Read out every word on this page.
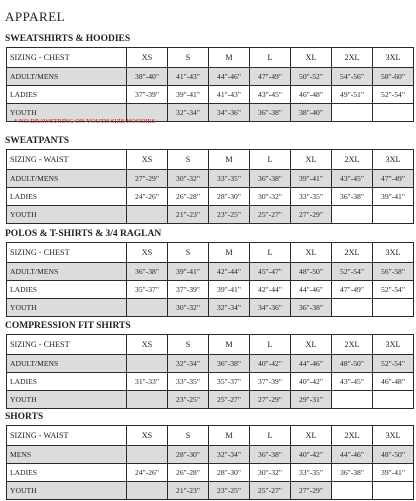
APPAREL
SWEATSHIRTS & HOODIES
SIZING - CHEST	XS	S	M	L	XL	2XL	3XL
ADULT/MENS	38"-40"	41"-43"	44"-46"	47"-49"	50"-52"	54"-56"	58"-60"
LADIES	37"-39"	39"-41"	41"-43"	43"-45"	46"-48"	49"-51"	52"-54"
YOUTH		32"-34"	34"-36"	36"-38"	38"-40"		
* NO DRAWSTRING ON YOUTH SIZE HOODIES
SWEATPANTS
SIZING - WAIST	XS	S	M	L	XL	2XL	3XL
ADULT/MENS	27"-29"	30"-32"	33"-35"	36"-38"	39"-41"	43"-45"	47"-49"
LADIES	24"-26"	26"-28"	28"-30"	30"-32"	33"-35"	36"-38"	39"-41"
YOUTH		21"-23"	23"-25"	25"-27"	27"-29"		
POLOS & T-SHIRTS & 3/4 RAGLAN
SIZING - CHEST	XS	S	M	L	XL	2XL	3XL
ADULT/MENS	36"-38"	39"-41"	42"-44"	45"-47"	48"-50"	52"-54"	56"-58"
LADIES	35"-37"	37"-39"	39"-41"	42"-44"	44"-46"	47"-49"	52"-54"
YOUTH		30"-32"	32"-34"	34"-36"	36"-38"		
COMPRESSION FIT SHIRTS
SIZING - CHEST	XS	S	M	L	XL	2XL	3XL
ADULT/MENS		32"-34"	36"-38"	40"-42"	44"-46"	48"-50"	52"-54"
LADIES	31"-33"	33"-35"	35"-37"	37"-39"	40"-42"	43"-45"	46"-48"
YOUTH		23"-25"	25"-27"	27"-29"	29"-31"		
SHORTS
SIZING - WAIST	XS	S	M	L	XL	2XL	3XL
MENS		28"-30"	32"-34"	36"-38"	40"-42"	44"-46"	48"-50"
LADIES	24"-26"	26"-28"	28"-30"	30"-32"	33"-35"	36"-38"	39"-41"
YOUTH		21"-23"	23"-25"	25"-27"	27"-29"		
